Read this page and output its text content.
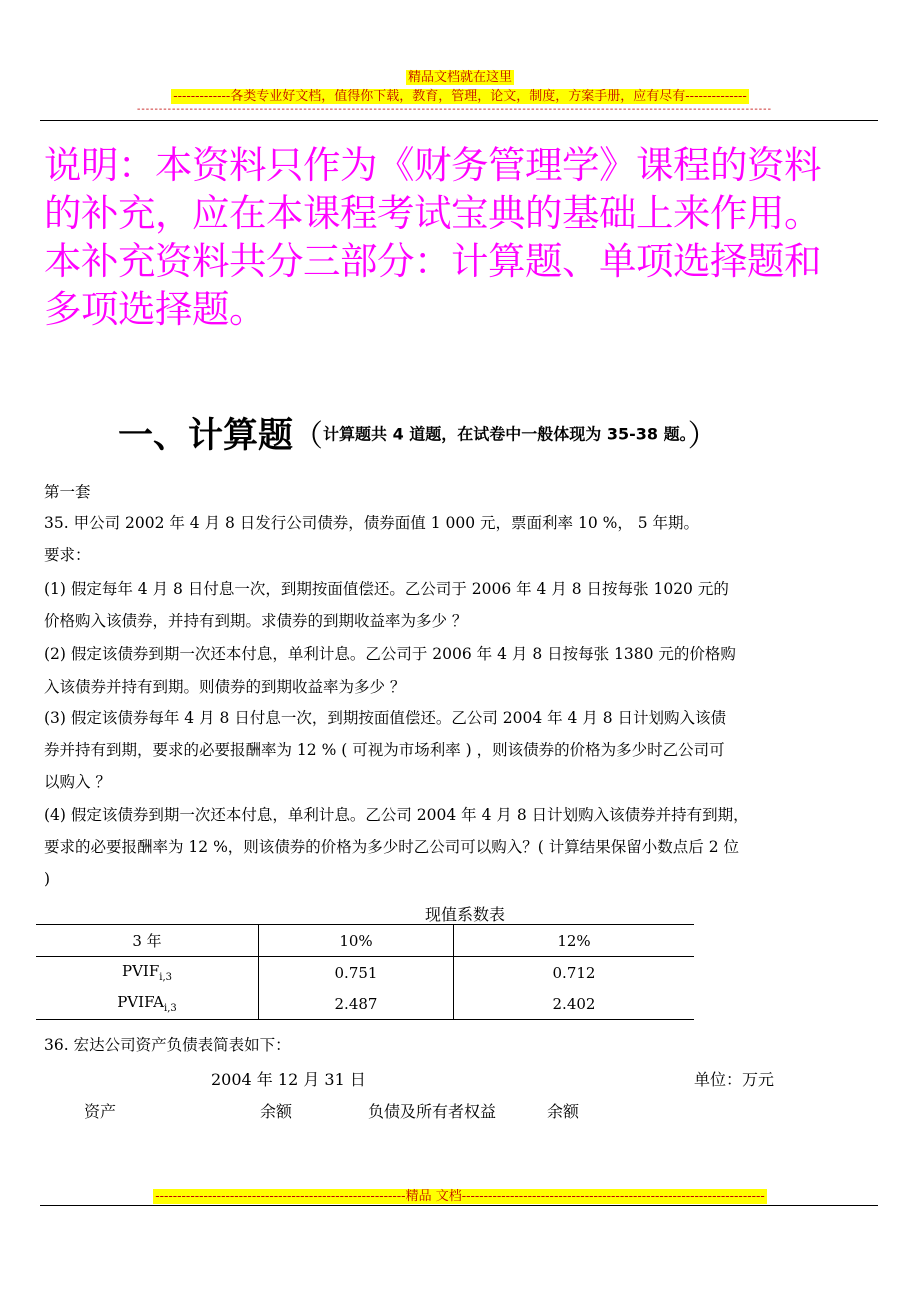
精品文档就在这里
-------------各类专业好文档，值得你下载，教育，管理，论文，制度，方案手册，应有尽有--------------
-------------------------------------------------------------------------------------------------------------------------------------------------
说明：本资料只作为《财务管理学》课程的资料
的补充，应在本课程考试宝典的基础上来作用。
本补充资料共分三部分：计算题、单项选择题和
多项选择题。
一、计算题（计算题共 4 道题，在试卷中一般体现为 35-38 题。）
第一套
35. 甲公司 2002 年 4 月 8 日发行公司债券，债券面值 1 000 元，票面利率 10 %， 5 年期。
要求：
(1) 假定每年 4 月 8 日付息一次，到期按面值偿还。乙公司于 2006 年 4 月 8 日按每张 1020 元的
价格购入该债券，并持有到期。求债券的到期收益率为多少 ？
(2) 假定该债券到期一次还本付息，单利计息。乙公司于 2006 年 4 月 8 日按每张 1380 元的价格购
入该债券并持有到期。则债券的到期收益率为多少 ？
(3) 假定该债券每年 4 月 8 日付息一次，到期按面值偿还。乙公司 2004 年 4 月 8 日计划购入该债
券并持有到期，要求的必要报酬率为 12 % ( 可视为市场利率 ) ，则该债券的价格为多少时乙公司可
以购入 ？
(4) 假定该债券到期一次还本付息，单利计息。乙公司 2004 年 4 月 8 日计划购入该债券并持有到期，
要求的必要报酬率为 12 %，则该债券的价格为多少时乙公司可以购入？( 计算结果保留小数点后 2 位
)
现值系数表
3 年	10%	12%
$PVIF_{i,3}$	0.751	0.712
$PVIFA_{i,3}$	2.487	2.402
36. 宏达公司资产负债表简表如下：
2004 年 12 月 31 日	单位：万元
资产	余额	负债及所有者权益	余额
---------------------------------------------------------精品 文档---------------------------------------------------------------------
